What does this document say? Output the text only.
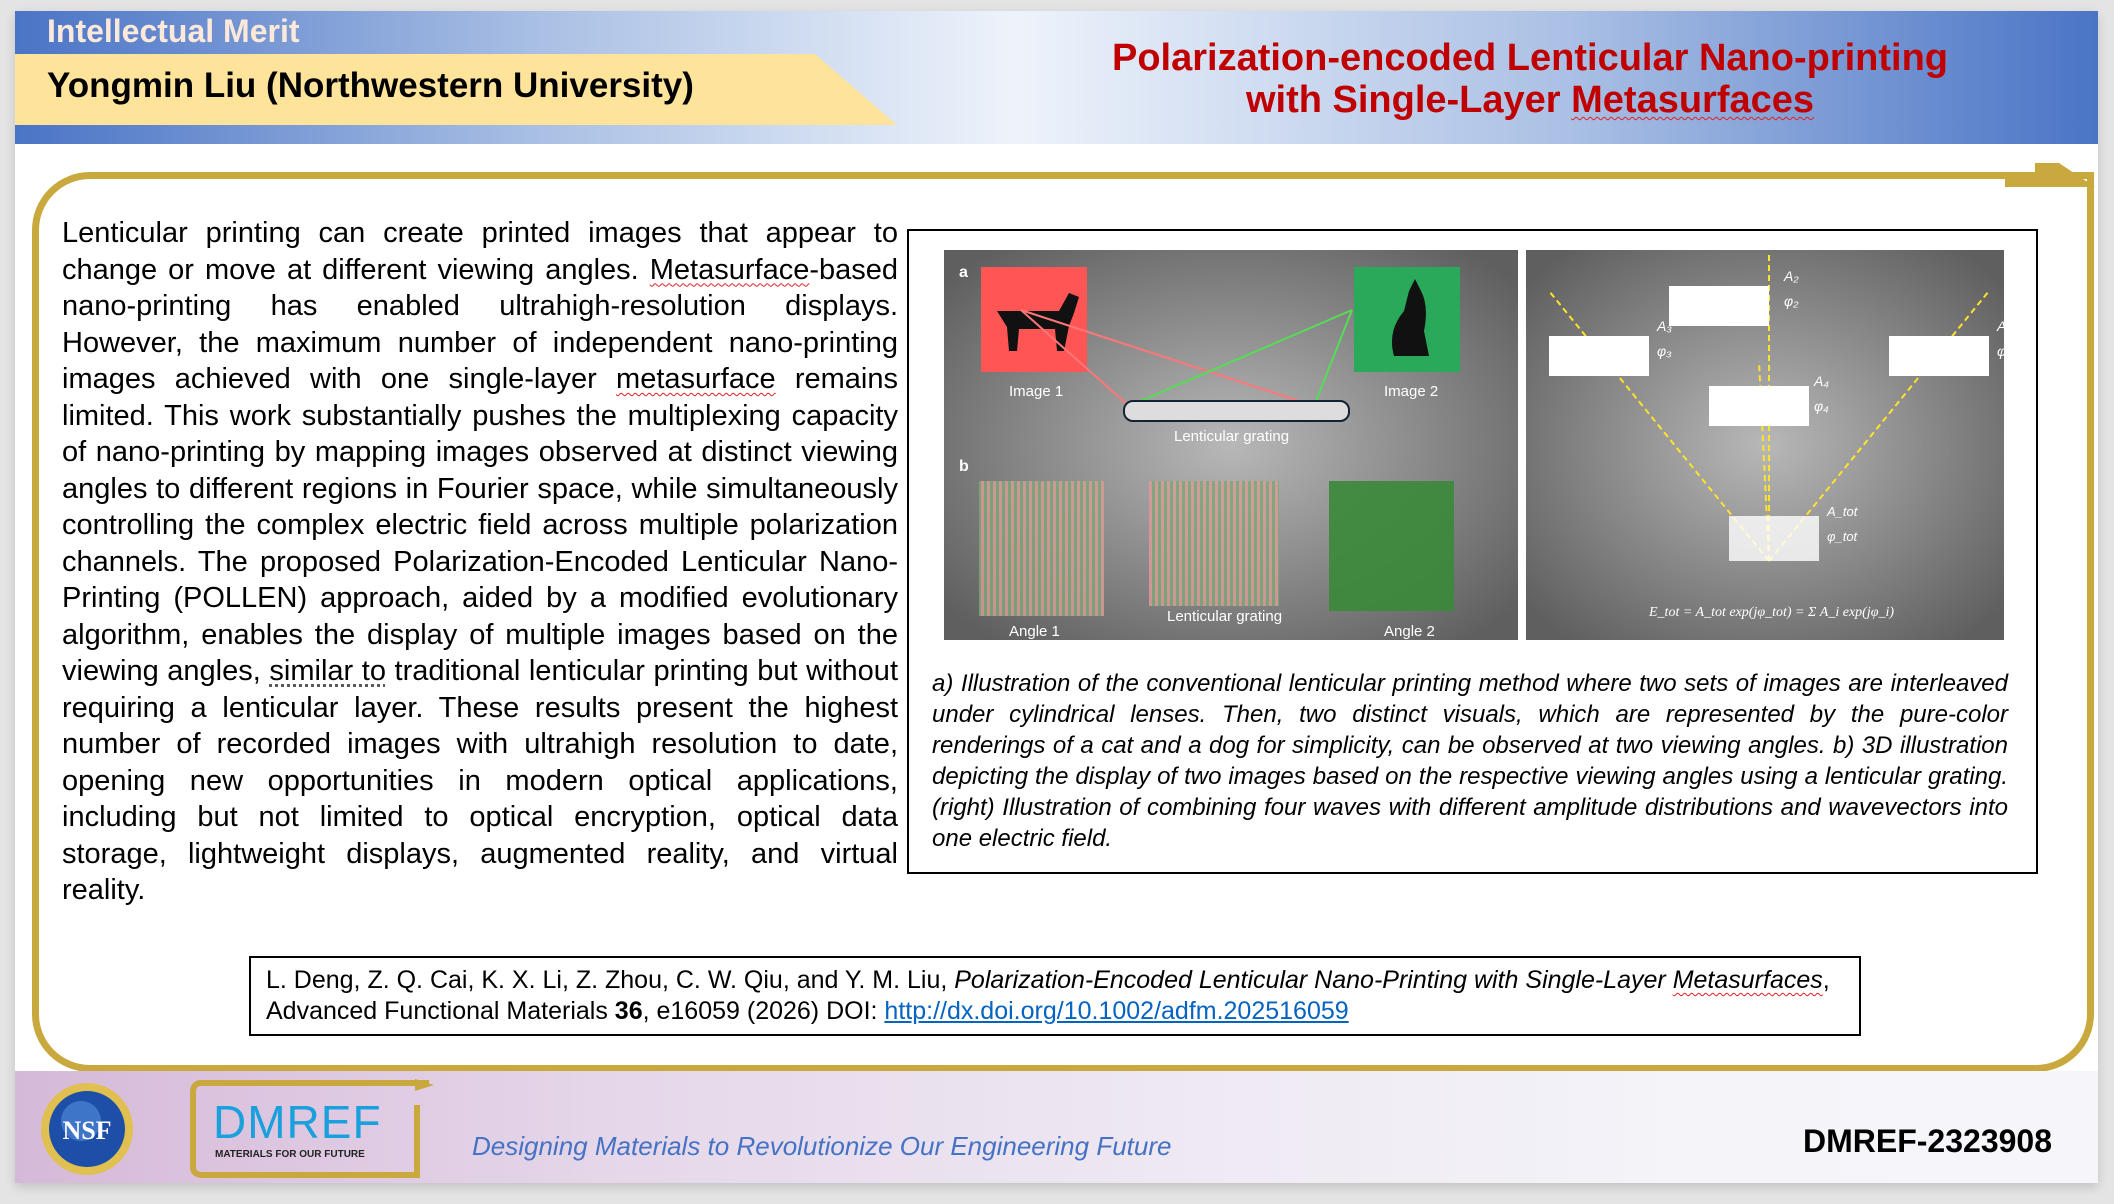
Intellectual Merit
Yongmin Liu (Northwestern University)
Polarization-encoded Lenticular Nano-printing
with Single-Layer Metasurfaces
Lenticular printing can create printed images that appear to change or move at different viewing angles. Metasurface-based nano-printing has enabled ultrahigh-resolution displays. However, the maximum number of independent nano-printing images achieved with one single-layer metasurface remains limited. This work substantially pushes the multiplexing capacity of nano-printing by mapping images observed at distinct viewing angles to different regions in Fourier space, while simultaneously controlling the complex electric field across multiple polarization channels. The proposed Polarization-Encoded Lenticular Nano-Printing (POLLEN) approach, aided by a modified evolutionary algorithm, enables the display of multiple images based on the viewing angles, similar to traditional lenticular printing but without requiring a lenticular layer. These results present the highest number of recorded images with ultrahigh resolution to date, opening new opportunities in modern optical applications, including but not limited to optical encryption, optical data storage, lightweight displays, augmented reality, and virtual reality.
a
Image 1	Image 2
Lenticular grating
b
Angle 1
Lenticular grating
Angle 2
A₂
φ₂
A₃
φ₃
A₁
φ₁
A₄
φ₄
A_tot
φ_tot
E_tot = A_tot exp(jφ_tot) = Σ A_i exp(jφ_i)
a) Illustration of the conventional lenticular printing method where two sets of images are interleaved under cylindrical lenses. Then, two distinct visuals, which are represented by the pure-color renderings of a cat and a dog for simplicity, can be observed at two viewing angles. b) 3D illustration depicting the display of two images based on the respective viewing angles using a lenticular grating. (right) Illustration of combining four waves with different amplitude distributions and wavevectors into one electric field.
L. Deng, Z. Q. Cai, K. X. Li, Z. Zhou, C. W. Qiu, and Y. M. Liu, Polarization-Encoded Lenticular Nano-Printing with Single-Layer Metasurfaces, Advanced Functional Materials 36, e16059 (2026) DOI: http://dx.doi.org/10.1002/adfm.202516059
NSF DMREF
MATERIALS FOR OUR FUTURE	Designing Materials to Revolutionize Our Engineering Future	DMREF-2323908
